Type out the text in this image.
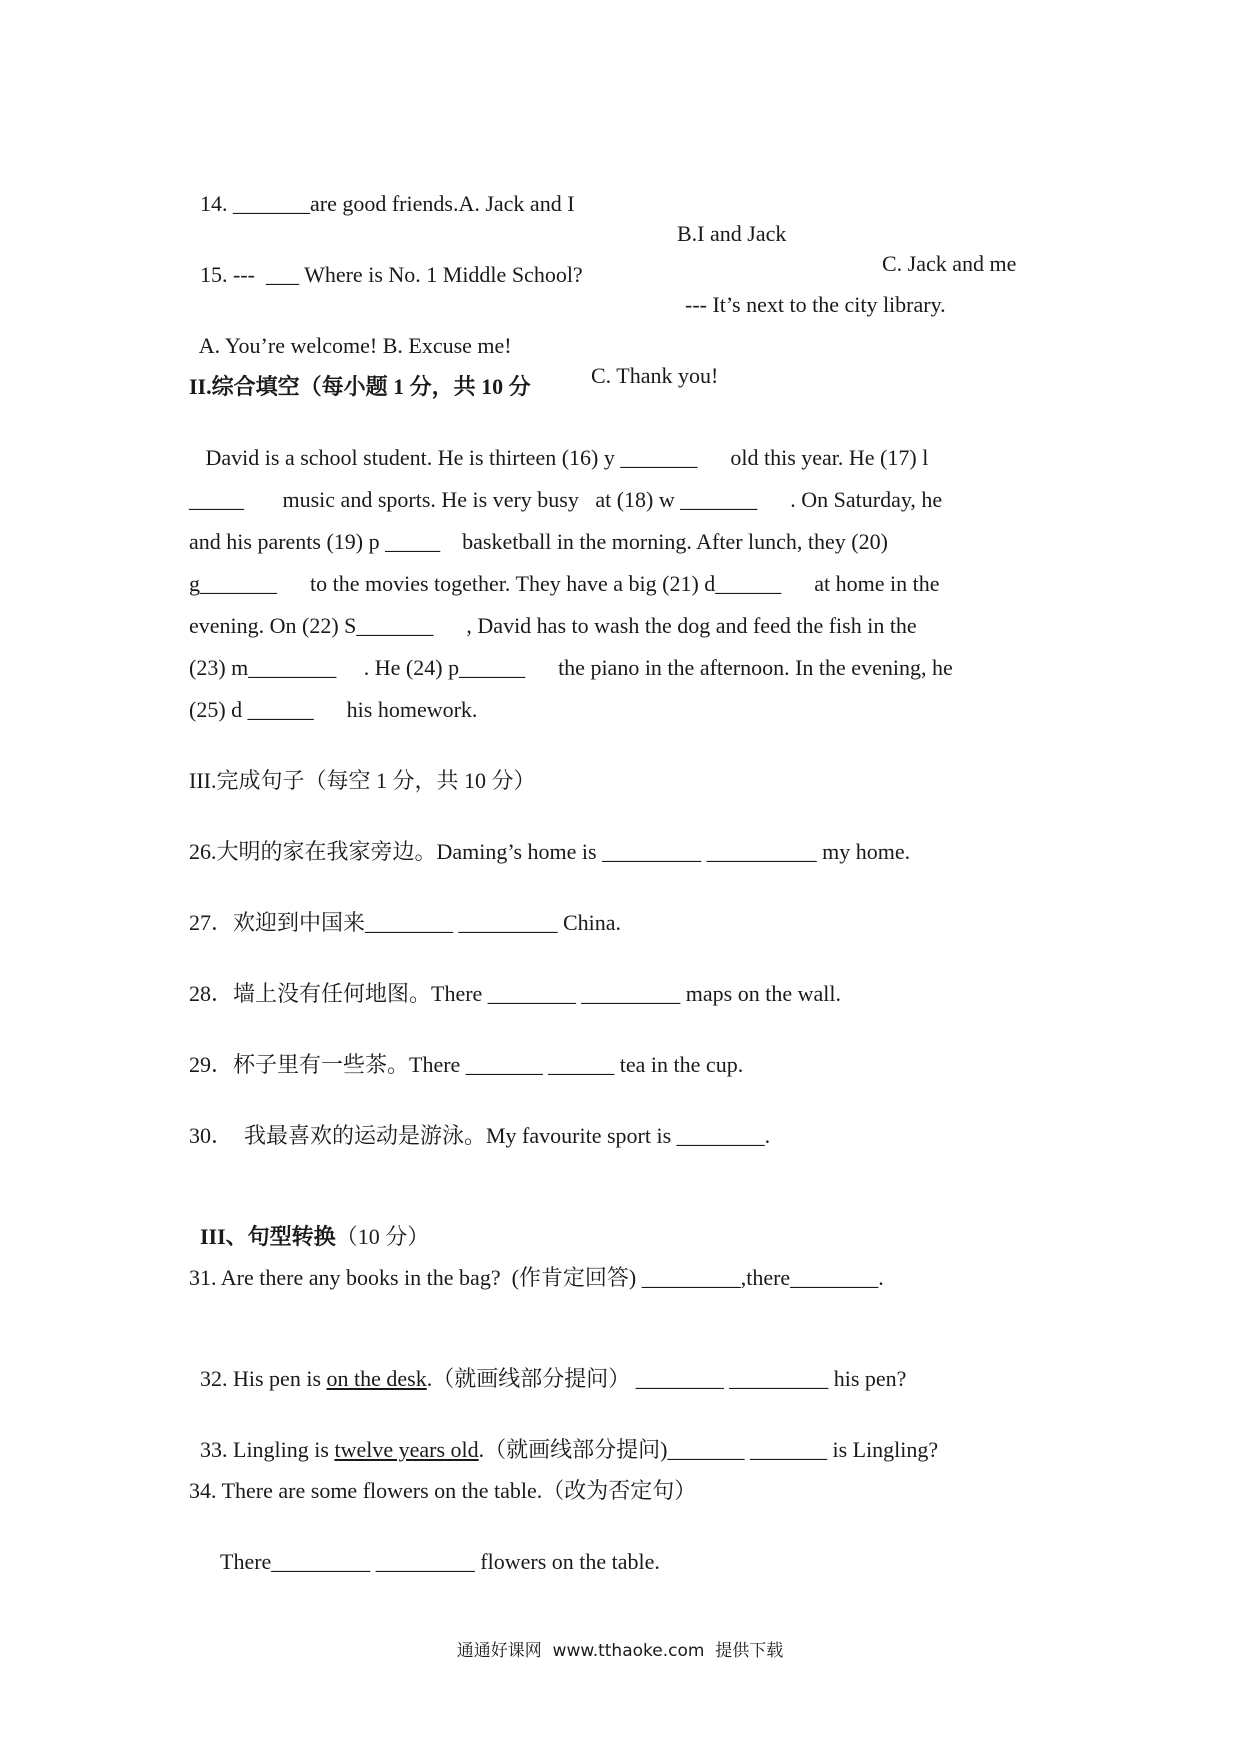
14. _______are good friends.A. Jack and I

B.I and Jack

C. Jack and me

15. ---  ___ Where is No. 1 Middle School?

--- It’s next to the city library.

A. You’re welcome! B. Excuse me!

C. Thank you!

II.综合填空（每小题 1 分，共 10 分
David is a school student. He is thirteen (16) y _______      old this year. He (17) l
_____       music and sports. He is very busy   at (18) w _______      . On Saturday, he
and his parents (19) p _____    basketball in the morning. After lunch, they (20)
g_______      to the movies together. They have a big (21) d______      at home in the
evening. On (22) S_______      , David has to wash the dog and feed the fish in the
(23) m________     . He (24) p______      the piano in the afternoon. In the evening, he
(25) d ______      his homework.
III.完成句子（每空 1 分，共 10 分）
26.大明的家在我家旁边。Daming’s home is _________ __________ my home.
27．欢迎到中国来________ _________ China.
28．墙上没有任何地图。There ________ _________ maps on the wall.
29．杯子里有一些茶。There _______ ______ tea in the cup.
30．  我最喜欢的运动是游泳。My favourite sport is ________.

III、句型转换（10 分）

31. Are there any books in the bag?  (作肯定回答) _________,there________.

32. His pen is on the desk.（就画线部分提问） ________ _________ his pen?

33. Lingling is twelve years old.（就画线部分提问)_______ _______ is Lingling?

34. There are some flowers on the table.（改为否定句）
There_________ _________ flowers on the table.
通通好课网  www.tthaoke.com  提供下载
